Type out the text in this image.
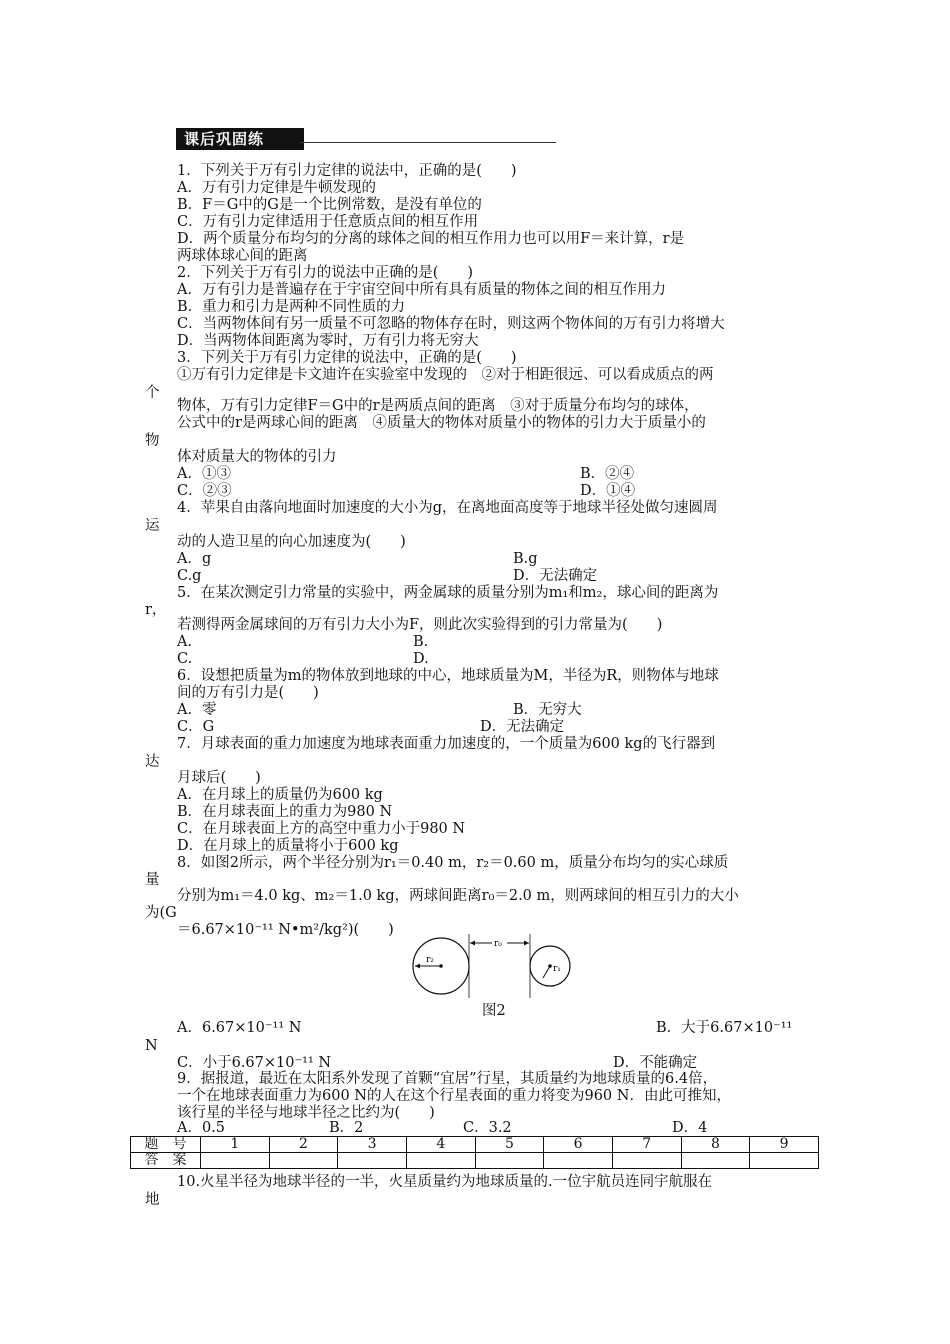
课后巩固练
1．下列关于万有引力定律的说法中，正确的是(　　)
A．万有引力定律是牛顿发现的
B．F＝G中的G是一个比例常数，是没有单位的
C．万有引力定律适用于任意质点间的相互作用
D．两个质量分布均匀的分离的球体之间的相互作用力也可以用F＝来计算，r是
两球体球心间的距离
2．下列关于万有引力的说法中正确的是(　　)
A．万有引力是普遍存在于宇宙空间中所有具有质量的物体之间的相互作用力
B．重力和引力是两种不同性质的力
C．当两物体间有另一质量不可忽略的物体存在时，则这两个物体间的万有引力将增大
D．当两物体间距离为零时，万有引力将无穷大
3．下列关于万有引力定律的说法中，正确的是(　　)
①万有引力定律是卡文迪许在实验室中发现的　②对于相距很远、可以看成质点的两
个
物体，万有引力定律F＝G中的r是两质点间的距离　③对于质量分布均匀的球体，
公式中的r是两球心间的距离　④质量大的物体对质量小的物体的引力大于质量小的
物
体对质量大的物体的引力
A．①③	B．②④
C．②③	D．①④
4．苹果自由落向地面时加速度的大小为g，在离地面高度等于地球半径处做匀速圆周
运
动的人造卫星的向心加速度为(　　)
A．g	B.g
C.g	D．无法确定
5．在某次测定引力常量的实验中，两金属球的质量分别为m₁和m₂，球心间的距离为
r，
若测得两金属球间的万有引力大小为F，则此次实验得到的引力常量为(　　)
A.	B.
C.	D.
6．设想把质量为m的物体放到地球的中心，地球质量为M，半径为R，则物体与地球
间的万有引力是(　　)
A．零	B．无穷大
C．G	D．无法确定
7．月球表面的重力加速度为地球表面重力加速度的，一个质量为600 kg的飞行器到
达
月球后(　　)
A．在月球上的质量仍为600 kg
B．在月球表面上的重力为980 N
C．在月球表面上方的高空中重力小于980 N
D．在月球上的质量将小于600 kg
8．如图2所示，两个半径分别为r₁＝0.40 m，r₂＝0.60 m，质量分布均匀的实心球质
量
分别为m₁＝4.0 kg、m₂＝1.0 kg，两球间距离r₀＝2.0 m，则两球间的相互引力的大小
为(G
＝6.67×10⁻¹¹ N•m²/kg²)(　　)
r₂
r₀
r₁
图2
A．6.67×10⁻¹¹ N	B．大于6.67×10⁻¹¹
N
C．小于6.67×10⁻¹¹ N	D．不能确定
9．据报道，最近在太阳系外发现了首颗“宜居”行星，其质量约为地球质量的6.4倍，
一个在地球表面重力为600 N的人在这个行星表面的重力将变为960 N．由此可推知，
该行星的半径与地球半径之比约为(　　)
A．0.5	B．2	C．3.2	D．4
题　号	1	2	3	4	5	6	7	8	9
答　案									
10.火星半径为地球半径的一半，火星质量约为地球质量的.一位宇航员连同宇航服在
地
